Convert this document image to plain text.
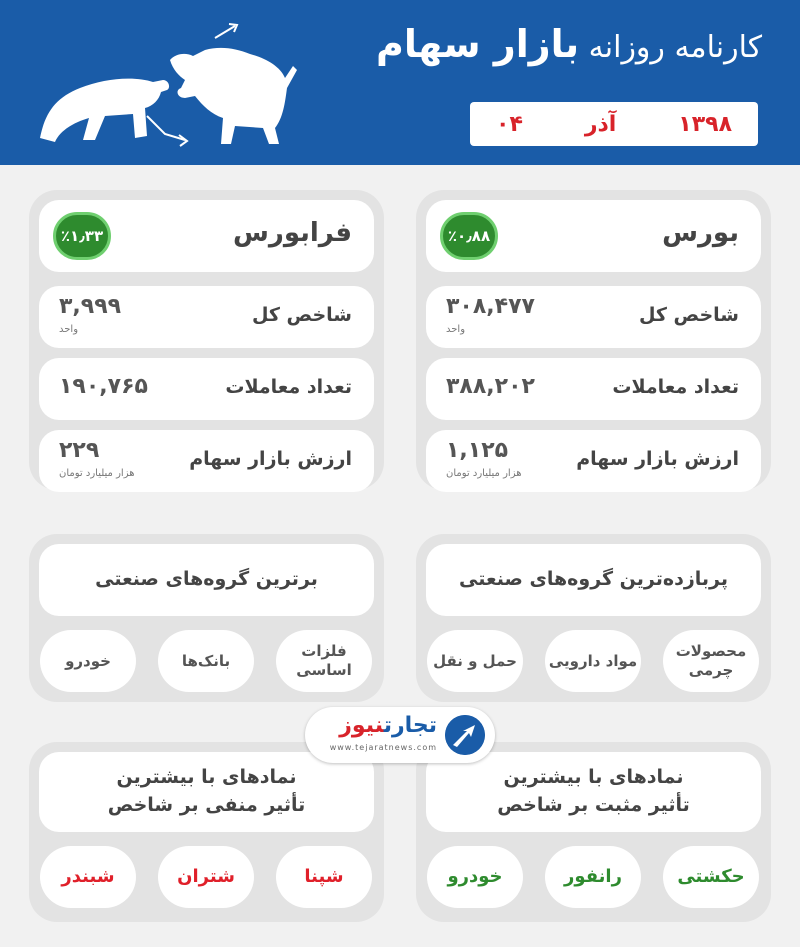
کارنامه روزانه بازار سهام
۰۴	آذر	۱۳۹۸
بورس
٪۰٫۸۸
شاخص کل
۳۰۸,۴۷۷
واحد
تعداد معاملات
۳۸۸,۲۰۲
ارزش بازار سهام
۱,۱۲۵
هزار میلیارد تومان
فرابورس
٪۱٫۳۳
شاخص کل
۳,۹۹۹
واحد
تعداد معاملات
۱۹۰,۷۶۵
ارزش بازار سهام
۲۲۹
هزار میلیارد تومان
پربازده‌ترین گروه‌های صنعتی
محصولات چرمی
مواد دارویی
حمل و نقل
برترین گروه‌های صنعتی
فلزات اساسی
بانک‌ها
خودرو
نمادهای با بیشترین
تأثیر مثبت بر شاخص
حکشتی
رانفور
خودرو
نمادهای با بیشترین
تأثیر منفی بر شاخص
شپنا
شتران
شبندر
تجارتنیوز
www.tejaratnews.com
